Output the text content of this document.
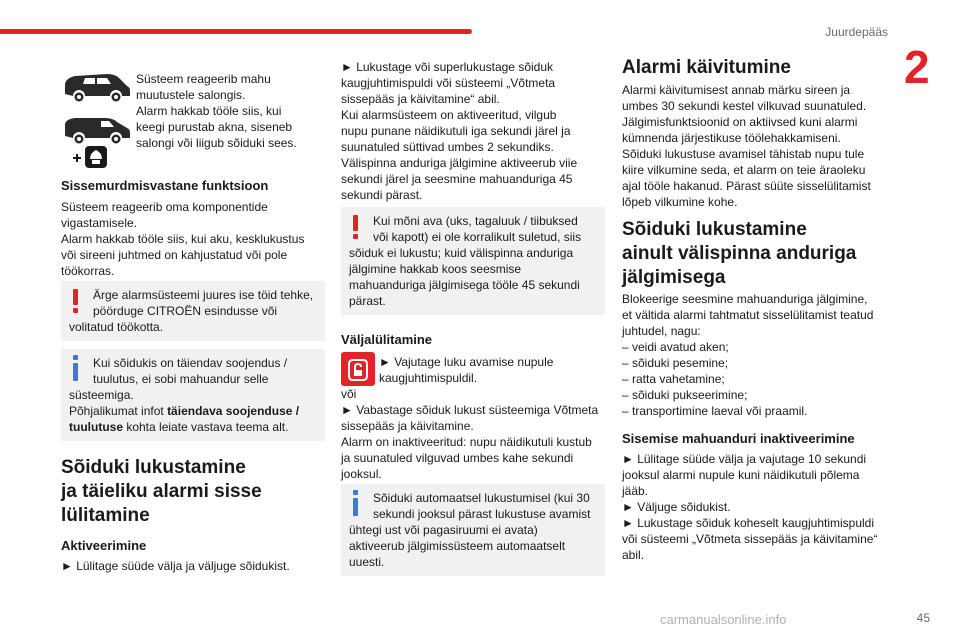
Juurdepääs
2

Süsteem reageerib mahu

muutustele salongis.

Alarm hakkab tööle siis, kui

keegi purustab akna, siseneb

salongi või liigub sõiduki sees.

Sissemurdmisvastane funktsioon

Süsteem reageerib oma komponentide

vigastamisele.

Alarm hakkab tööle siis, kui aku, kesklukustus

või sireeni juhtmed on kahjustatud või pole

töökorras.

Ärge alarmsüsteemi juures ise töid tehke,

pöörduge CITROËN esindusse või

volitatud töökotta.

Kui sõidukis on täiendav soojendus /

tuulutus, ei sobi mahuandur selle

süsteemiga.

Põhjalikumat infot täiendava soojenduse /

tuulutuse kohta leiate vastava teema alt.

Sõiduki lukustamine
ja täieliku alarmi sisse
lülitamine
Aktiveerimine

► Lülitage süüde välja ja väljuge sõidukist.

► Lukustage või superlukustage sõiduk

kaugjuhtimispuldi või süsteemi „Võtmeta

sissepääs ja käivitamine“ abil.

Kui alarmsüsteem on aktiveeritud, vilgub

nupu punane näidikutuli iga sekundi järel ja

suunatuled süttivad umbes 2 sekundiks.

Välispinna anduriga jälgimine aktiveerub viie

sekundi järel ja seesmine mahuanduriga 45

sekundi pärast.

Kui mõni ava (uks, tagaluuk / tiibuksed

või kapott) ei ole korralikult suletud, siis

sõiduk ei lukustu; kuid välispinna anduriga

jälgimine hakkab koos seesmise

mahuanduriga jälgimisega tööle 45 sekundi

pärast.

Väljalülitamine

► Vajutage luku avamise nupule

kaugjuhtimispuldil.

või

► Vabastage sõiduk lukust süsteemiga Võtmeta

sissepääs ja käivitamine.

Alarm on inaktiveeritud: nupu näidikutuli kustub

ja suunatuled vilguvad umbes kahe sekundi

jooksul.

Sõiduki automaatsel lukustumisel (kui 30

sekundi jooksul pärast lukustuse avamist

ühtegi ust või pagasiruumi ei avata)

aktiveerub jälgimissüsteem automaatselt

uuesti.

Alarmi käivitumine

Alarmi käivitumisest annab märku sireen ja

umbes 30 sekundi kestel vilkuvad suunatuled.

Jälgimisfunktsioonid on aktiivsed kuni alarmi

kümnenda järjestikuse töölehakkamiseni.

Sõiduki lukustuse avamisel tähistab nupu tule

kiire vilkumine seda, et alarm on teie äraoleku

ajal tööle hakanud. Pärast süüte sisselülitamist

lõpeb vilkumine kohe.

Sõiduki lukustamine
ainult välispinna anduriga
jälgimisega

Blokeerige seesmine mahuanduriga jälgimine,

et vältida alarmi tahtmatut sisselülitamist teatud

juhtudel, nagu:

– veidi avatud aken;

– sõiduki pesemine;

– ratta vahetamine;

– sõiduki pukseerimine;

– transportimine laeval või praamil.

Sisemise mahuanduri inaktiveerimine

► Lülitage süüde välja ja vajutage 10 sekundi

jooksul alarmi nupule kuni näidikutuli põlema

jääb.

► Väljuge sõidukist.

► Lukustage sõiduk koheselt kaugjuhtimispuldi

või süsteemi „Võtmeta sissepääs ja käivitamine“

abil.

carmanualsonline.info	45
